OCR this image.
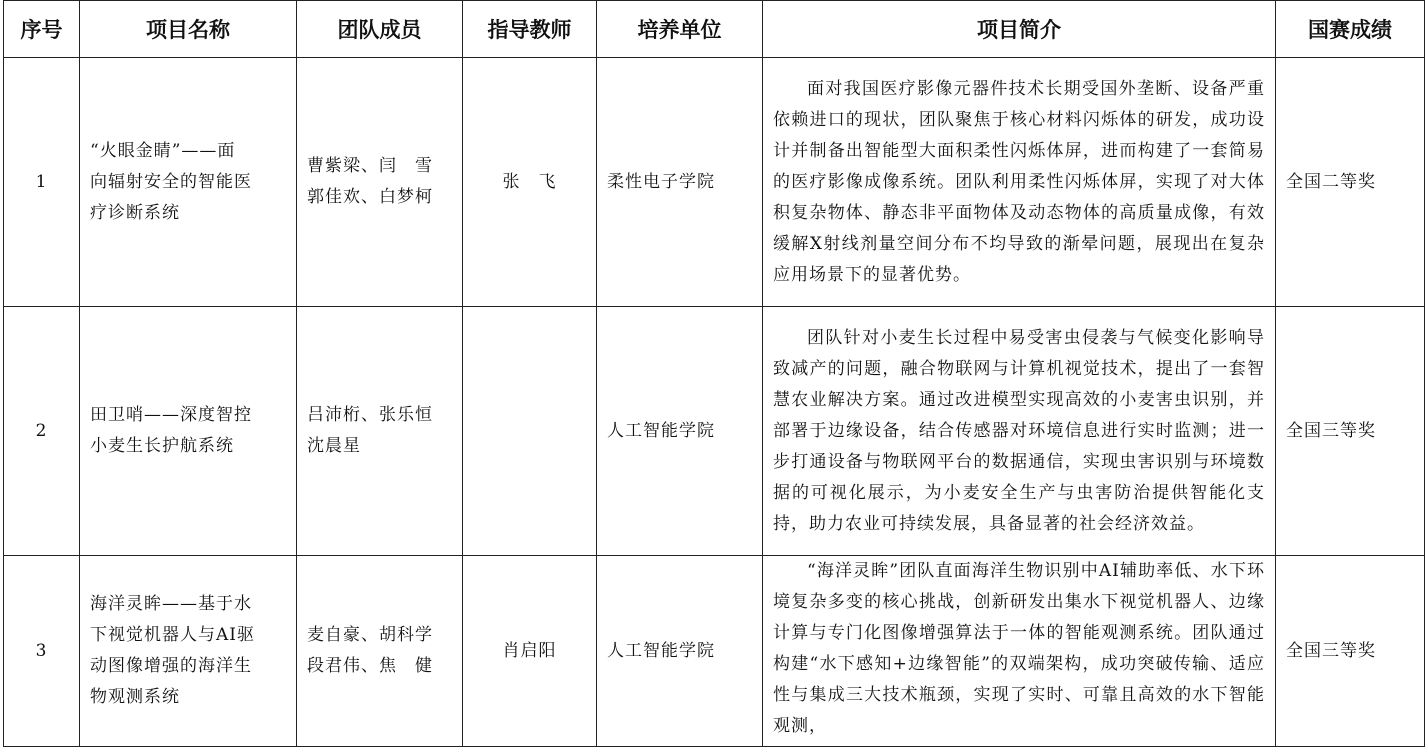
序号	项目名称	团队成员	指导教师	培养单位	项目简介	国赛成绩
1	“火眼金睛”——面
向辐射安全的智能医
疗诊断系统	曹紫梁、闫　雪
郭佳欢、白梦柯	张　飞	柔性电子学院	面对我国医疗影像元器件技术长期受国外垄断、设备严重依赖进口的现状，团队聚焦于核心材料闪烁体的研发，成功设计并制备出智能型大面积柔性闪烁体屏，进而构建了一套简易的医疗影像成像系统。团队利用柔性闪烁体屏，实现了对大体积复杂物体、静态非平面物体及动态物体的高质量成像，有效缓解X射线剂量空间分布不均导致的渐晕问题，展现出在复杂应用场景下的显著优势。	全国二等奖
2	田卫哨——深度智控
小麦生长护航系统	吕沛桁、张乐恒
沈晨星		人工智能学院	团队针对小麦生长过程中易受害虫侵袭与气候变化影响导致减产的问题，融合物联网与计算机视觉技术，提出了一套智慧农业解决方案。通过改进模型实现高效的小麦害虫识别，并部署于边缘设备，结合传感器对环境信息进行实时监测；进一步打通设备与物联网平台的数据通信，实现虫害识别与环境数据的可视化展示，为小麦安全生产与虫害防治提供智能化支持，助力农业可持续发展，具备显著的社会经济效益。	全国三等奖
3	海洋灵眸——基于水
下视觉机器人与AI驱
动图像增强的海洋生
物观测系统	麦自豪、胡科学
段君伟、焦　健	肖启阳	人工智能学院	“海洋灵眸”团队直面海洋生物识别中AI辅助率低、水下环境复杂多变的核心挑战，创新研发出集水下视觉机器人、边缘计算与专门化图像增强算法于一体的智能观测系统。团队通过构建“水下感知+边缘智能”的双端架构，成功突破传输、适应性与集成三大技术瓶颈，实现了实时、可靠且高效的水下智能观测，	全国三等奖
